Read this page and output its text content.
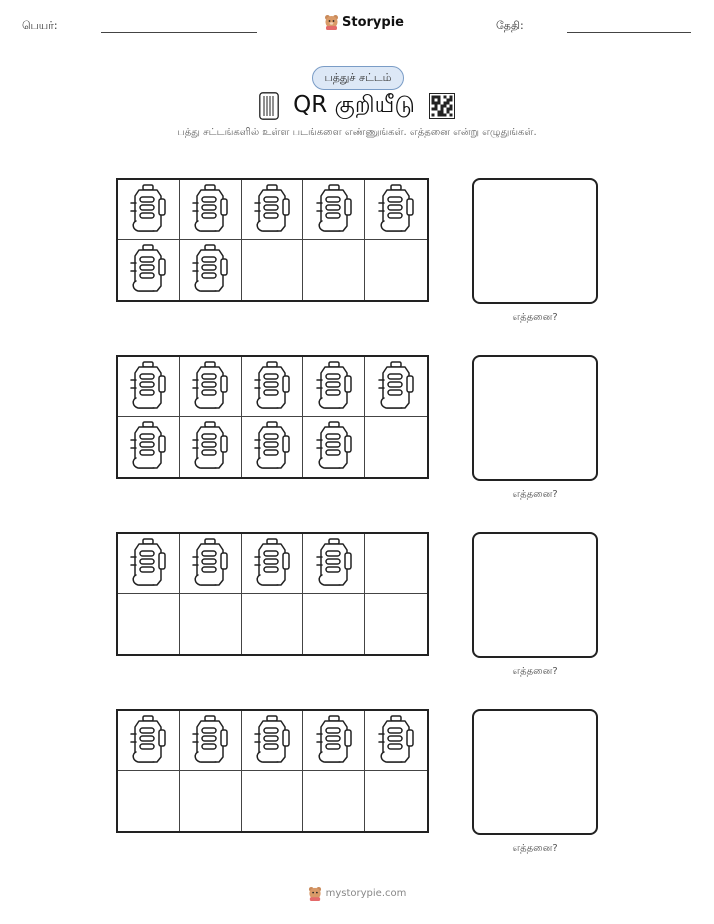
பெயர்:	Storypie	தேதி:
பத்துச் சட்டம்
QR குறியீடு
பத்து சட்டங்களில் உள்ள படங்களை எண்ணுங்கள். எத்தனை என்று எழுதுங்கள்.
எத்தனை?
எத்தனை?
எத்தனை?
எத்தனை?
mystorypie.com
